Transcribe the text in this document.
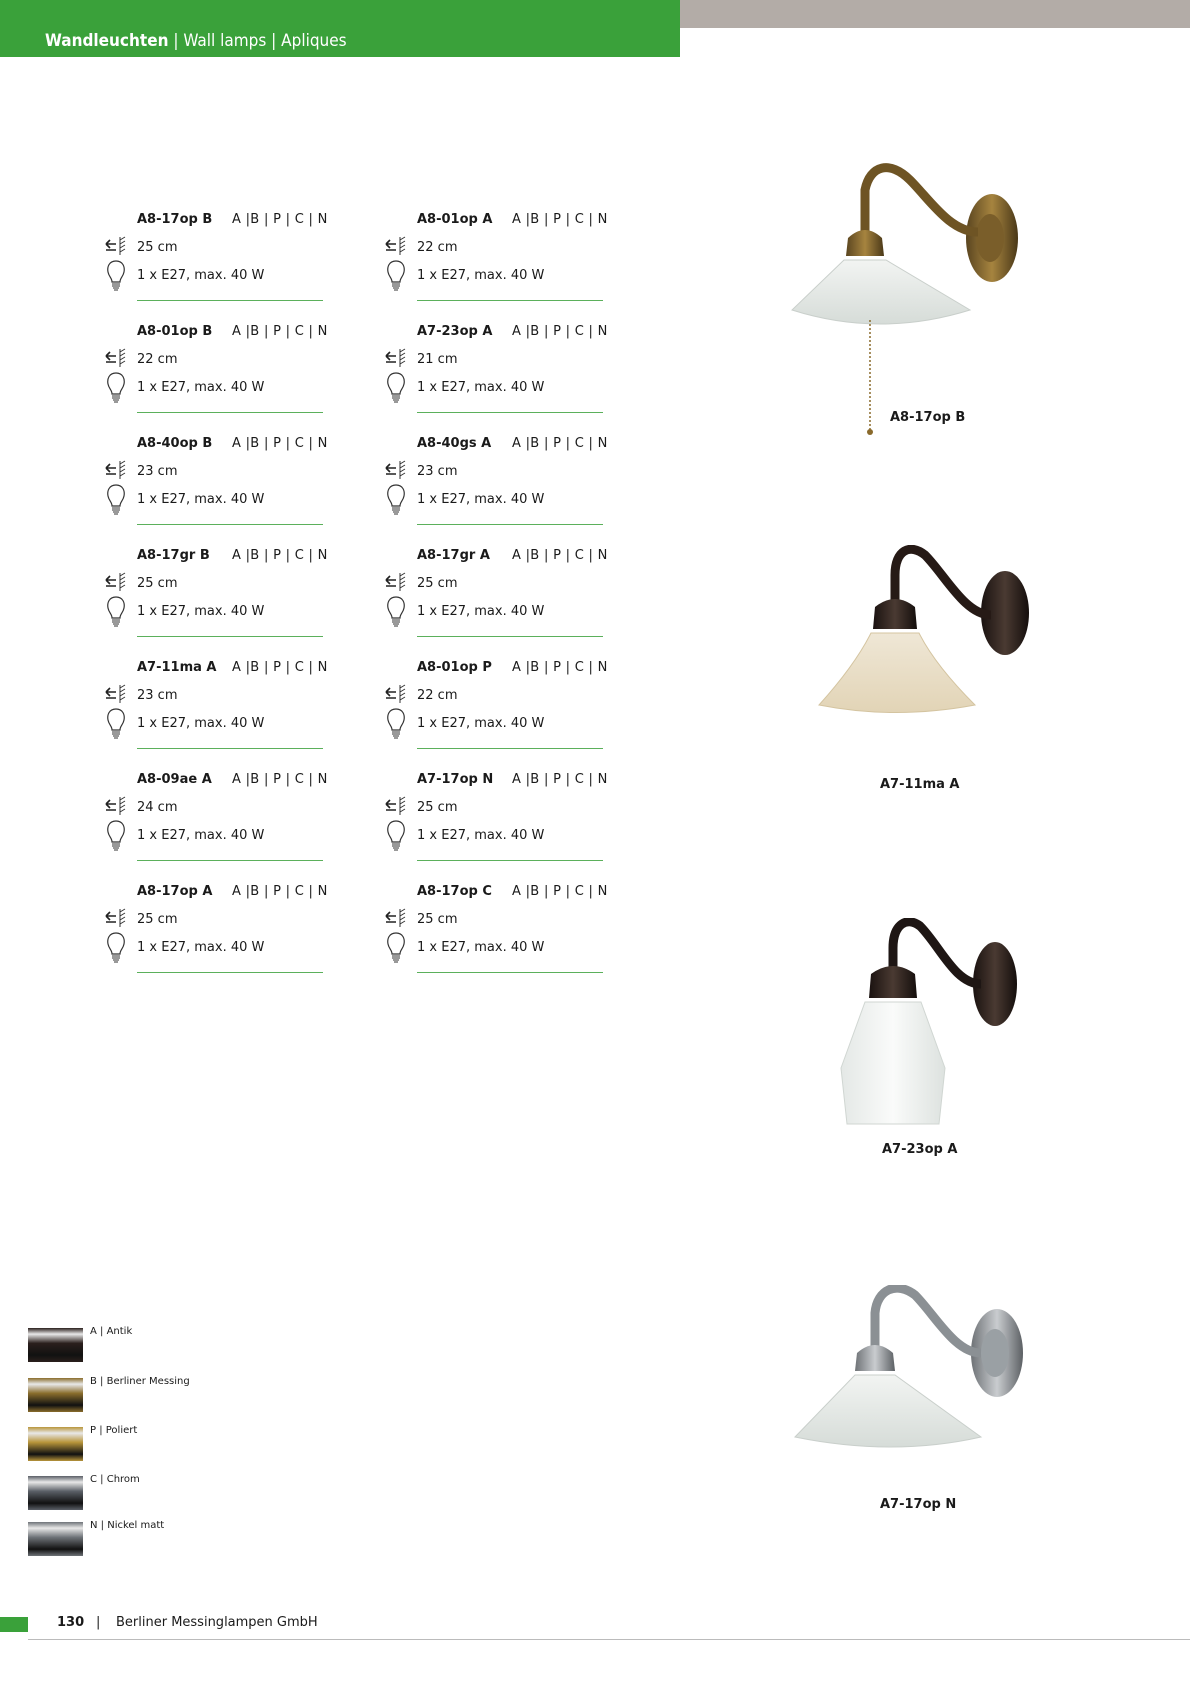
Wandleuchten | Wall lamps | Apliques
A8-17op B A |B | P | C | N
25 cm
1 x E27, max. 40 W
A8-01op A A |B | P | C | N
22 cm
1 x E27, max. 40 W
A8-01op B A |B | P | C | N
22 cm
1 x E27, max. 40 W
A7-23op A A |B | P | C | N
21 cm
1 x E27, max. 40 W
A8-40op B A |B | P | C | N
23 cm
1 x E27, max. 40 W
A8-40gs A A |B | P | C | N
23 cm
1 x E27, max. 40 W
A8-17gr B A |B | P | C | N
25 cm
1 x E27, max. 40 W
A8-17gr A A |B | P | C | N
25 cm
1 x E27, max. 40 W
A7-11ma A A |B | P | C | N
23 cm
1 x E27, max. 40 W
A8-01op P A |B | P | C | N
22 cm
1 x E27, max. 40 W
A8-09ae A A |B | P | C | N
24 cm
1 x E27, max. 40 W
A7-17op N A |B | P | C | N
25 cm
1 x E27, max. 40 W
A8-17op A A |B | P | C | N
25 cm
1 x E27, max. 40 W
A8-17op C A |B | P | C | N
25 cm
1 x E27, max. 40 W
A8-17op B
A7-11ma A
A7-23op A
A7-17op N
A | Antik
B | Berliner Messing
P | Poliert
C | Chrom
N | Nickel matt
130 | Berliner Messinglampen GmbH
